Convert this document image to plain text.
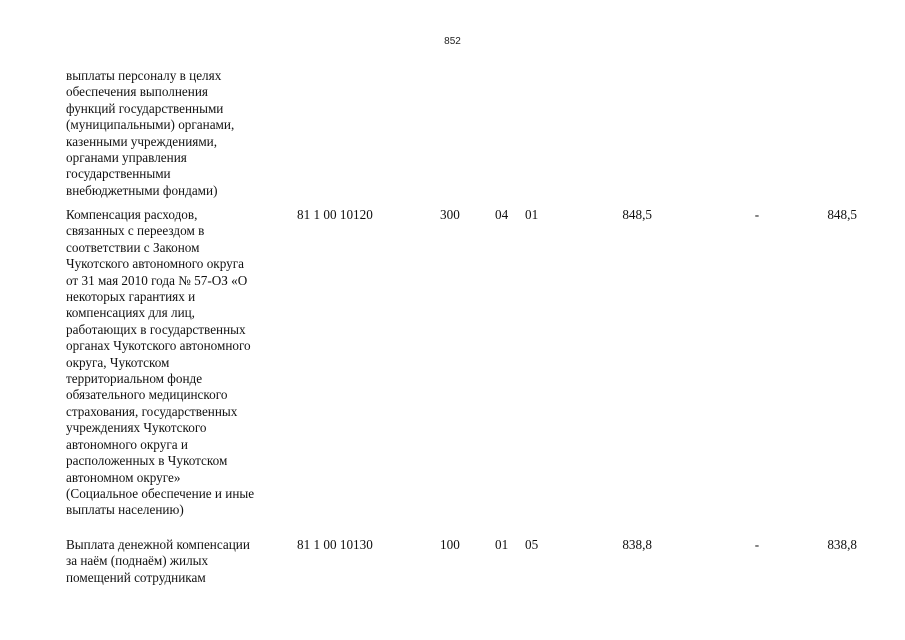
852
выплаты персоналу в целях
обеспечения выполнения
функций государственными
(муниципальными) органами,
казенными учреждениями,
органами управления
государственными
внебюджетными фондами)
Компенсация расходов,
связанных с переездом в
соответствии с Законом
Чукотского автономного округа
от 31 мая 2010 года № 57-ОЗ «О
некоторых гарантиях и
компенсациях для лиц,
работающих в государственных
органах Чукотского автономного
округа, Чукотском
территориальном фонде
обязательного медицинского
страхования, государственных
учреждениях Чукотского
автономного округа и
расположенных в Чукотском
автономном округе»
(Социальное обеспечение и иные
выплаты населению)
81 1 00 10120	300	04 01	848,5	-	848,5
Выплата денежной компенсации
за наём (поднаём) жилых
помещений сотрудникам
81 1 00 10130	100	01 05	838,8	-	838,8
